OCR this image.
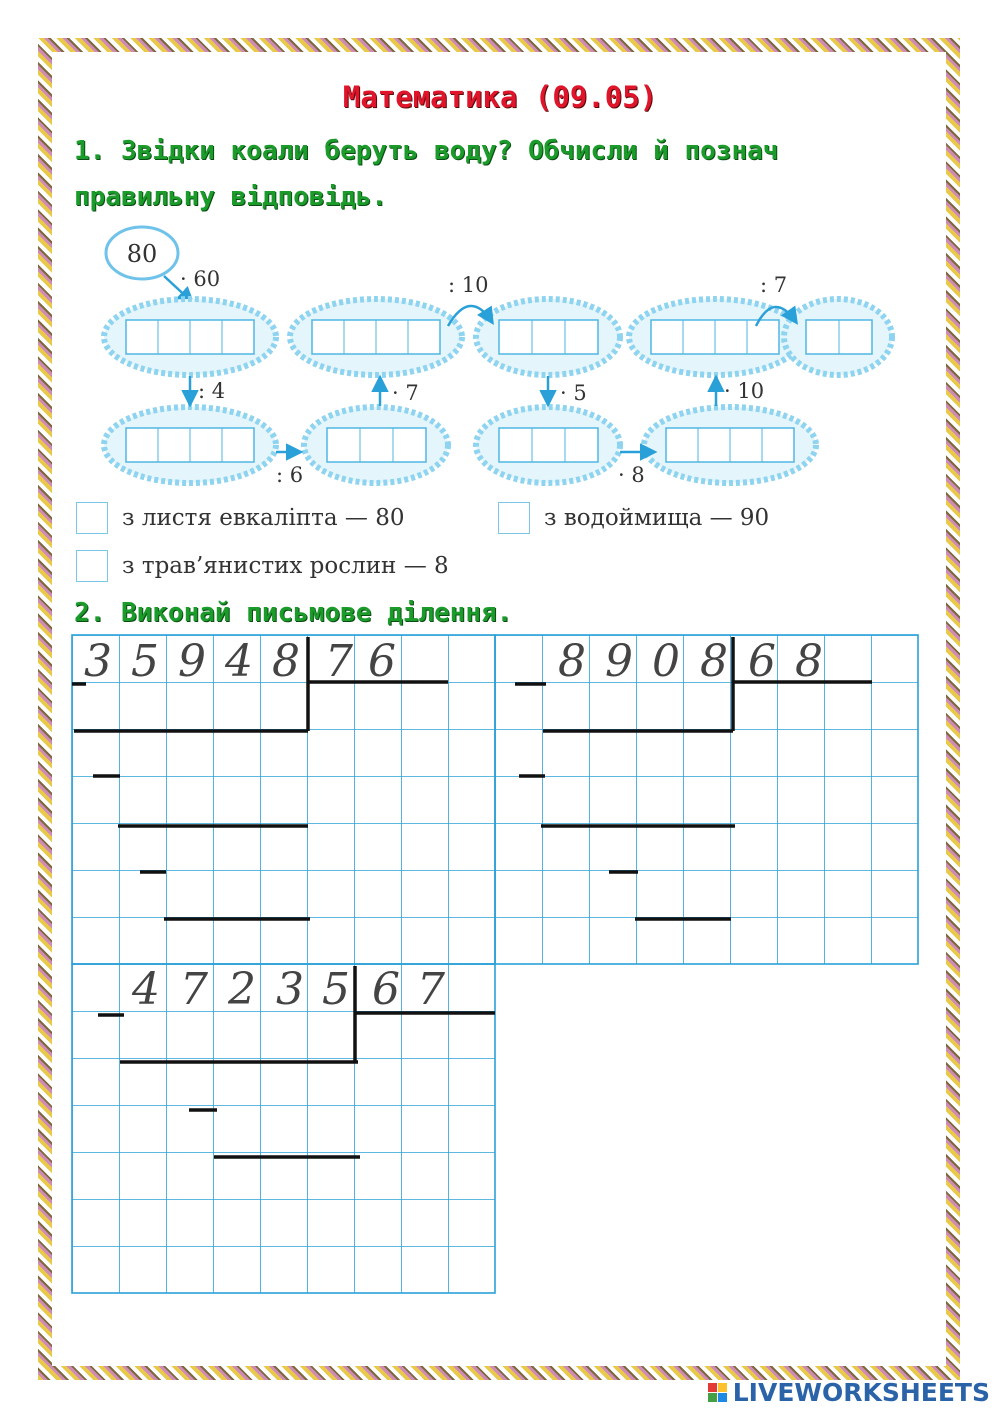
Математика (09.05)
1. Звідки коали беруть воду? Обчисли й познач
правильну відповідь.
80
· 60
: 4
: 6
· 7
: 10
· 5
· 8
· 10
: 7
з листя евкаліпта — 80	з водоймища — 90
з трав’янистих рослин — 8
2. Виконай письмове ділення.
3 5 9 4 8 7 6	8 9 0 8 6 8
4 7 2 3 5 6 7
LIVEWORKSHEETS
